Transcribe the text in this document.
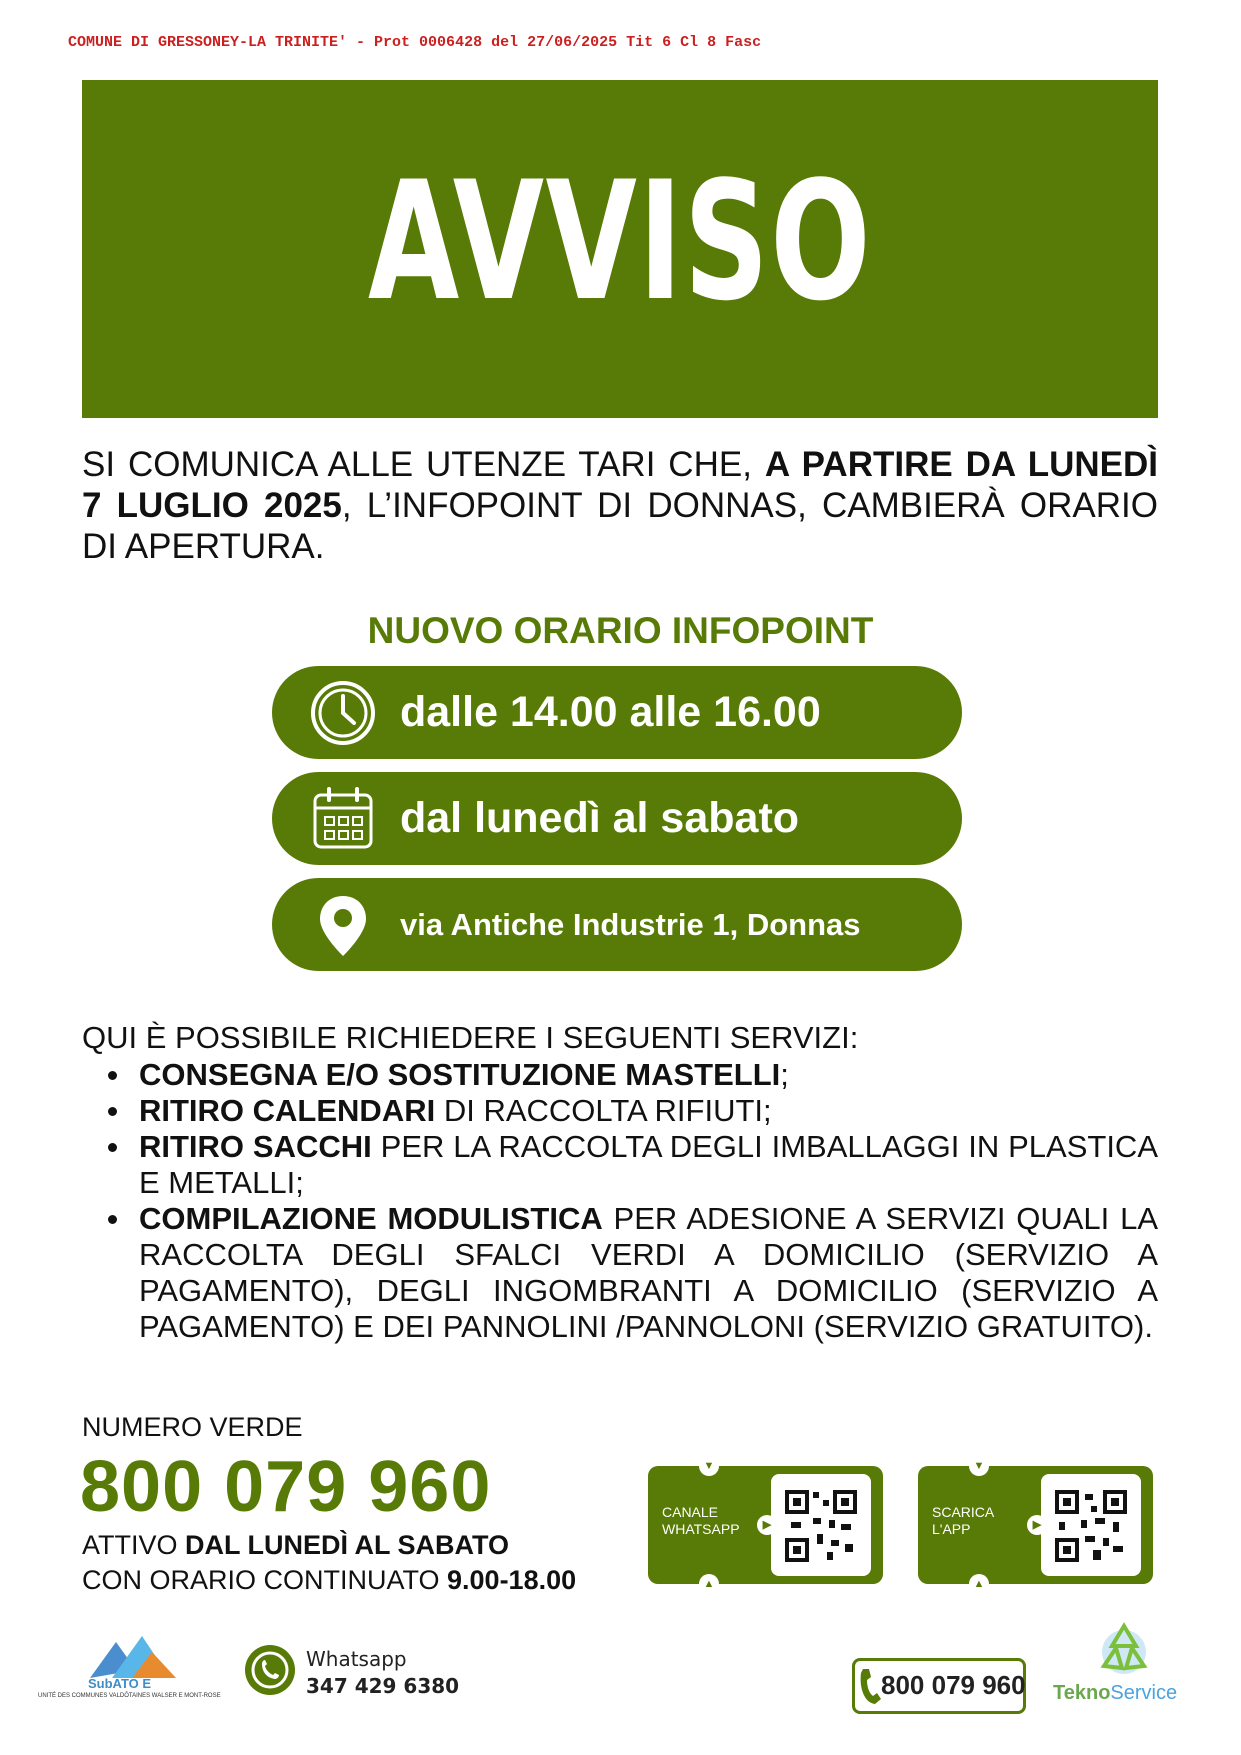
COMUNE DI GRESSONEY-LA TRINITE' - Prot 0006428 del 27/06/2025 Tit 6 Cl 8 Fasc
AVVISO
SI COMUNICA ALLE UTENZE TARI CHE, A PARTIRE DA LUNEDÌ 7 LUGLIO 2025, L’INFOPOINT DI DONNAS, CAMBIERÀ ORARIO DI APERTURA.
NUOVO ORARIO INFOPOINT
dalle 14.00 alle 16.00
dal lunedì al sabato
via Antiche Industrie 1, Donnas
QUI È POSSIBILE RICHIEDERE I SEGUENTI SERVIZI:
CONSEGNA E/O SOSTITUZIONE MASTELLI;
RITIRO CALENDARI DI RACCOLTA RIFIUTI;
RITIRO SACCHI PER LA RACCOLTA DEGLI IMBALLAGGI IN PLASTICA E METALLI;
COMPILAZIONE MODULISTICA PER ADESIONE A SERVIZI QUALI LA RACCOLTA DEGLI SFALCI VERDI A DOMICILIO (SERVIZIO A PAGAMENTO), DEGLI INGOMBRANTI A DOMICILIO (SERVIZIO A PAGAMENTO) E DEI PANNOLINI /PANNOLONI (SERVIZIO GRATUITO).
NUMERO VERDE
800 079 960
ATTIVO DAL LUNEDÌ AL SABATO
CON ORARIO CONTINUATO 9.00-18.00
CANALE
WHATSAPP
▼
▲
▶
SCARICA
L'APP
▼
▲
▶
SubATO E
UNITÉ DES COMMUNES VALDÔTAINES WALSER E MONT-ROSE
Whatsapp
347 429 6380	800 079 960 TeknoService
